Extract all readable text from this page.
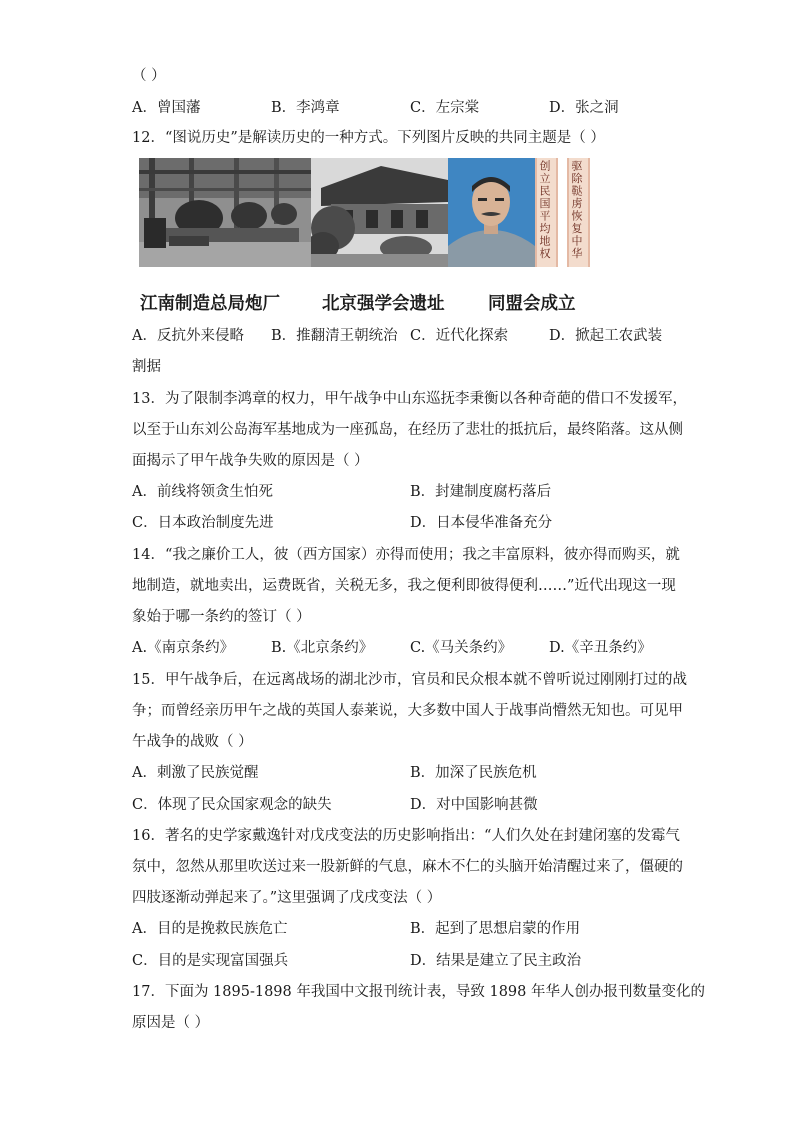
（ ）
A．曾国藩	B．李鸿章	C．左宗棠	D．张之洞
12．“图说历史”是解读历史的一种方式。下列图片反映的共同主题是（ ）
创立民国平均地权 驱除鞑虏恢复中华
江南制造总局炮厂 北京强学会遗址 同盟会成立
A．反抗外来侵略 B．推翻清王朝统治 C．近代化探索	D．掀起工农武装
割据
13．为了限制李鸿章的权力，甲午战争中山东巡抚李秉衡以各种奇葩的借口不发援军，
以至于山东刘公岛海军基地成为一座孤岛，在经历了悲壮的抵抗后，最终陷落。这从侧
面揭示了甲午战争失败的原因是（ ）
A．前线将领贪生怕死	B．封建制度腐朽落后
C．日本政治制度先进	D．日本侵华准备充分
14．“我之廉价工人，彼（西方国家）亦得而使用；我之丰富原料，彼亦得而购买，就
地制造，就地卖出，运费既省，关税无多，我之便利即彼得便利……”近代出现这一现
象始于哪一条约的签订（ ）
A.《南京条约》	B.《北京条约》	C.《马关条约》	D.《辛丑条约》
15．甲午战争后，在远离战场的湖北沙市，官员和民众根本就不曾听说过刚刚打过的战
争；而曾经亲历甲午之战的英国人泰莱说，大多数中国人于战事尚懵然无知也。可见甲
午战争的战败（ ）
A．刺激了民族觉醒	B．加深了民族危机
C．体现了民众国家观念的缺失	D．对中国影响甚微
16．著名的史学家戴逸针对戊戌变法的历史影响指出：“人们久处在封建闭塞的发霉气
氛中，忽然从那里吹送过来一股新鲜的气息，麻木不仁的头脑开始清醒过来了，僵硬的
四肢逐渐动弹起来了。”这里强调了戊戌变法（ ）
A．目的是挽救民族危亡	B．起到了思想启蒙的作用
C．目的是实现富国强兵	D．结果是建立了民主政治
17．下面为 1895-1898 年我国中文报刊统计表，导致 1898 年华人创办报刊数量变化的
原因是（ ）
